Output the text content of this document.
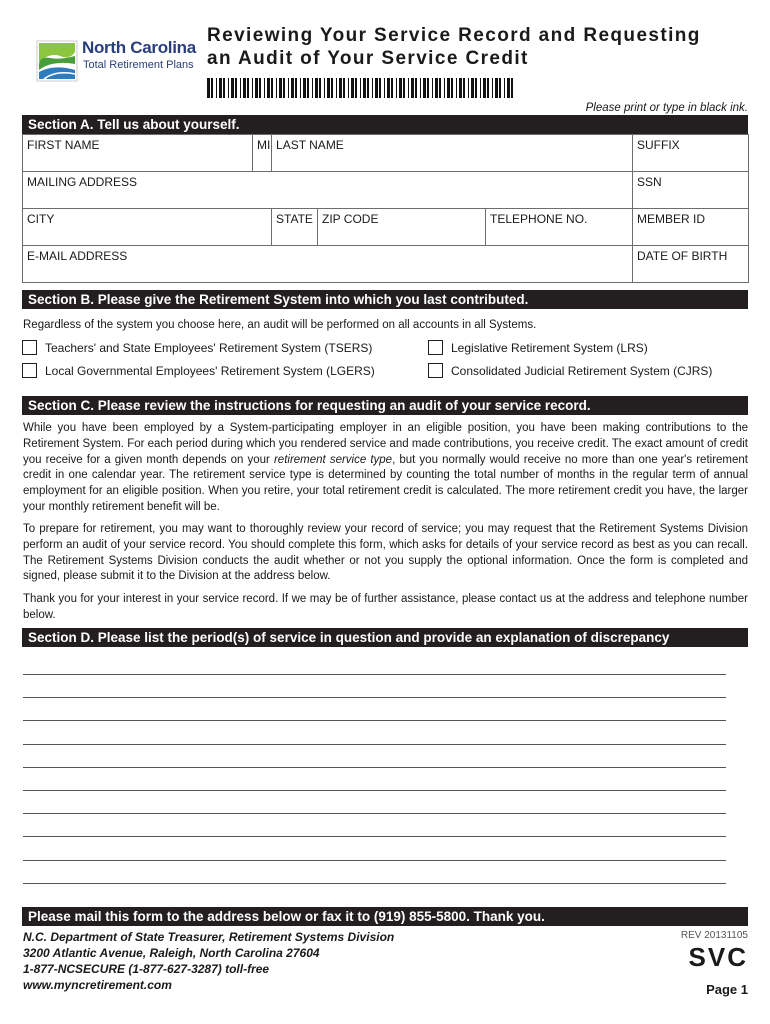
North Carolina
Total Retirement Plans
Reviewing Your Service Record and Requesting
an Audit of Your Service Credit
Please print or type in black ink.
Section A. Tell us about yourself.
FIRST NAME	MI	LAST NAME			SUFFIX
MAILING ADDRESS					SSN
CITY		STATE	ZIP CODE	TELEPHONE NO.	MEMBER ID
E-MAIL ADDRESS					DATE OF BIRTH
Section B. Please give the Retirement System into which you last contributed.
Regardless of the system you choose here, an audit will be performed on all accounts in all Systems.
Teachers' and State Employees' Retirement System (TSERS)	Legislative Retirement System (LRS)
Local Governmental Employees' Retirement System (LGERS)	Consolidated Judicial Retirement System (CJRS)
Section C. Please review the instructions for requesting an audit of your service record.
While you have been employed by a System-participating employer in an eligible position, you have been making contributions to the Retirement System. For each period during which you rendered service and made contributions, you receive credit. The exact amount of credit you receive for a given month depends on your retirement service type, but you normally would receive no more than one year's retirement credit in one calendar year. The retirement service type is determined by counting the total number of months in the regular term of annual employment for an eligible position. When you retire, your total retirement credit is calculated. The more retirement credit you have, the larger your monthly retirement benefit will be.
To prepare for retirement, you may want to thoroughly review your record of service; you may request that the Retirement Systems Division perform an audit of your service record. You should complete this form, which asks for details of your service record as best as you can recall. The Retirement Systems Division conducts the audit whether or not you supply the optional information. Once the form is completed and signed, please submit it to the Division at the address below.
Thank you for your interest in your service record. If we may be of further assistance, please contact us at the address and telephone number below.
Section D. Please list the period(s) of service in question and provide an explanation of discrepancy
Please mail this form to the address below or fax it to (919) 855-5800. Thank you.
N.C. Department of State Treasurer, Retirement Systems Division
3200 Atlantic Avenue, Raleigh, North Carolina 27604
1-877-NCSECURE (1-877-627-3287) toll-free
www.myncretirement.com
REV 20131105
SVC
Page 1
